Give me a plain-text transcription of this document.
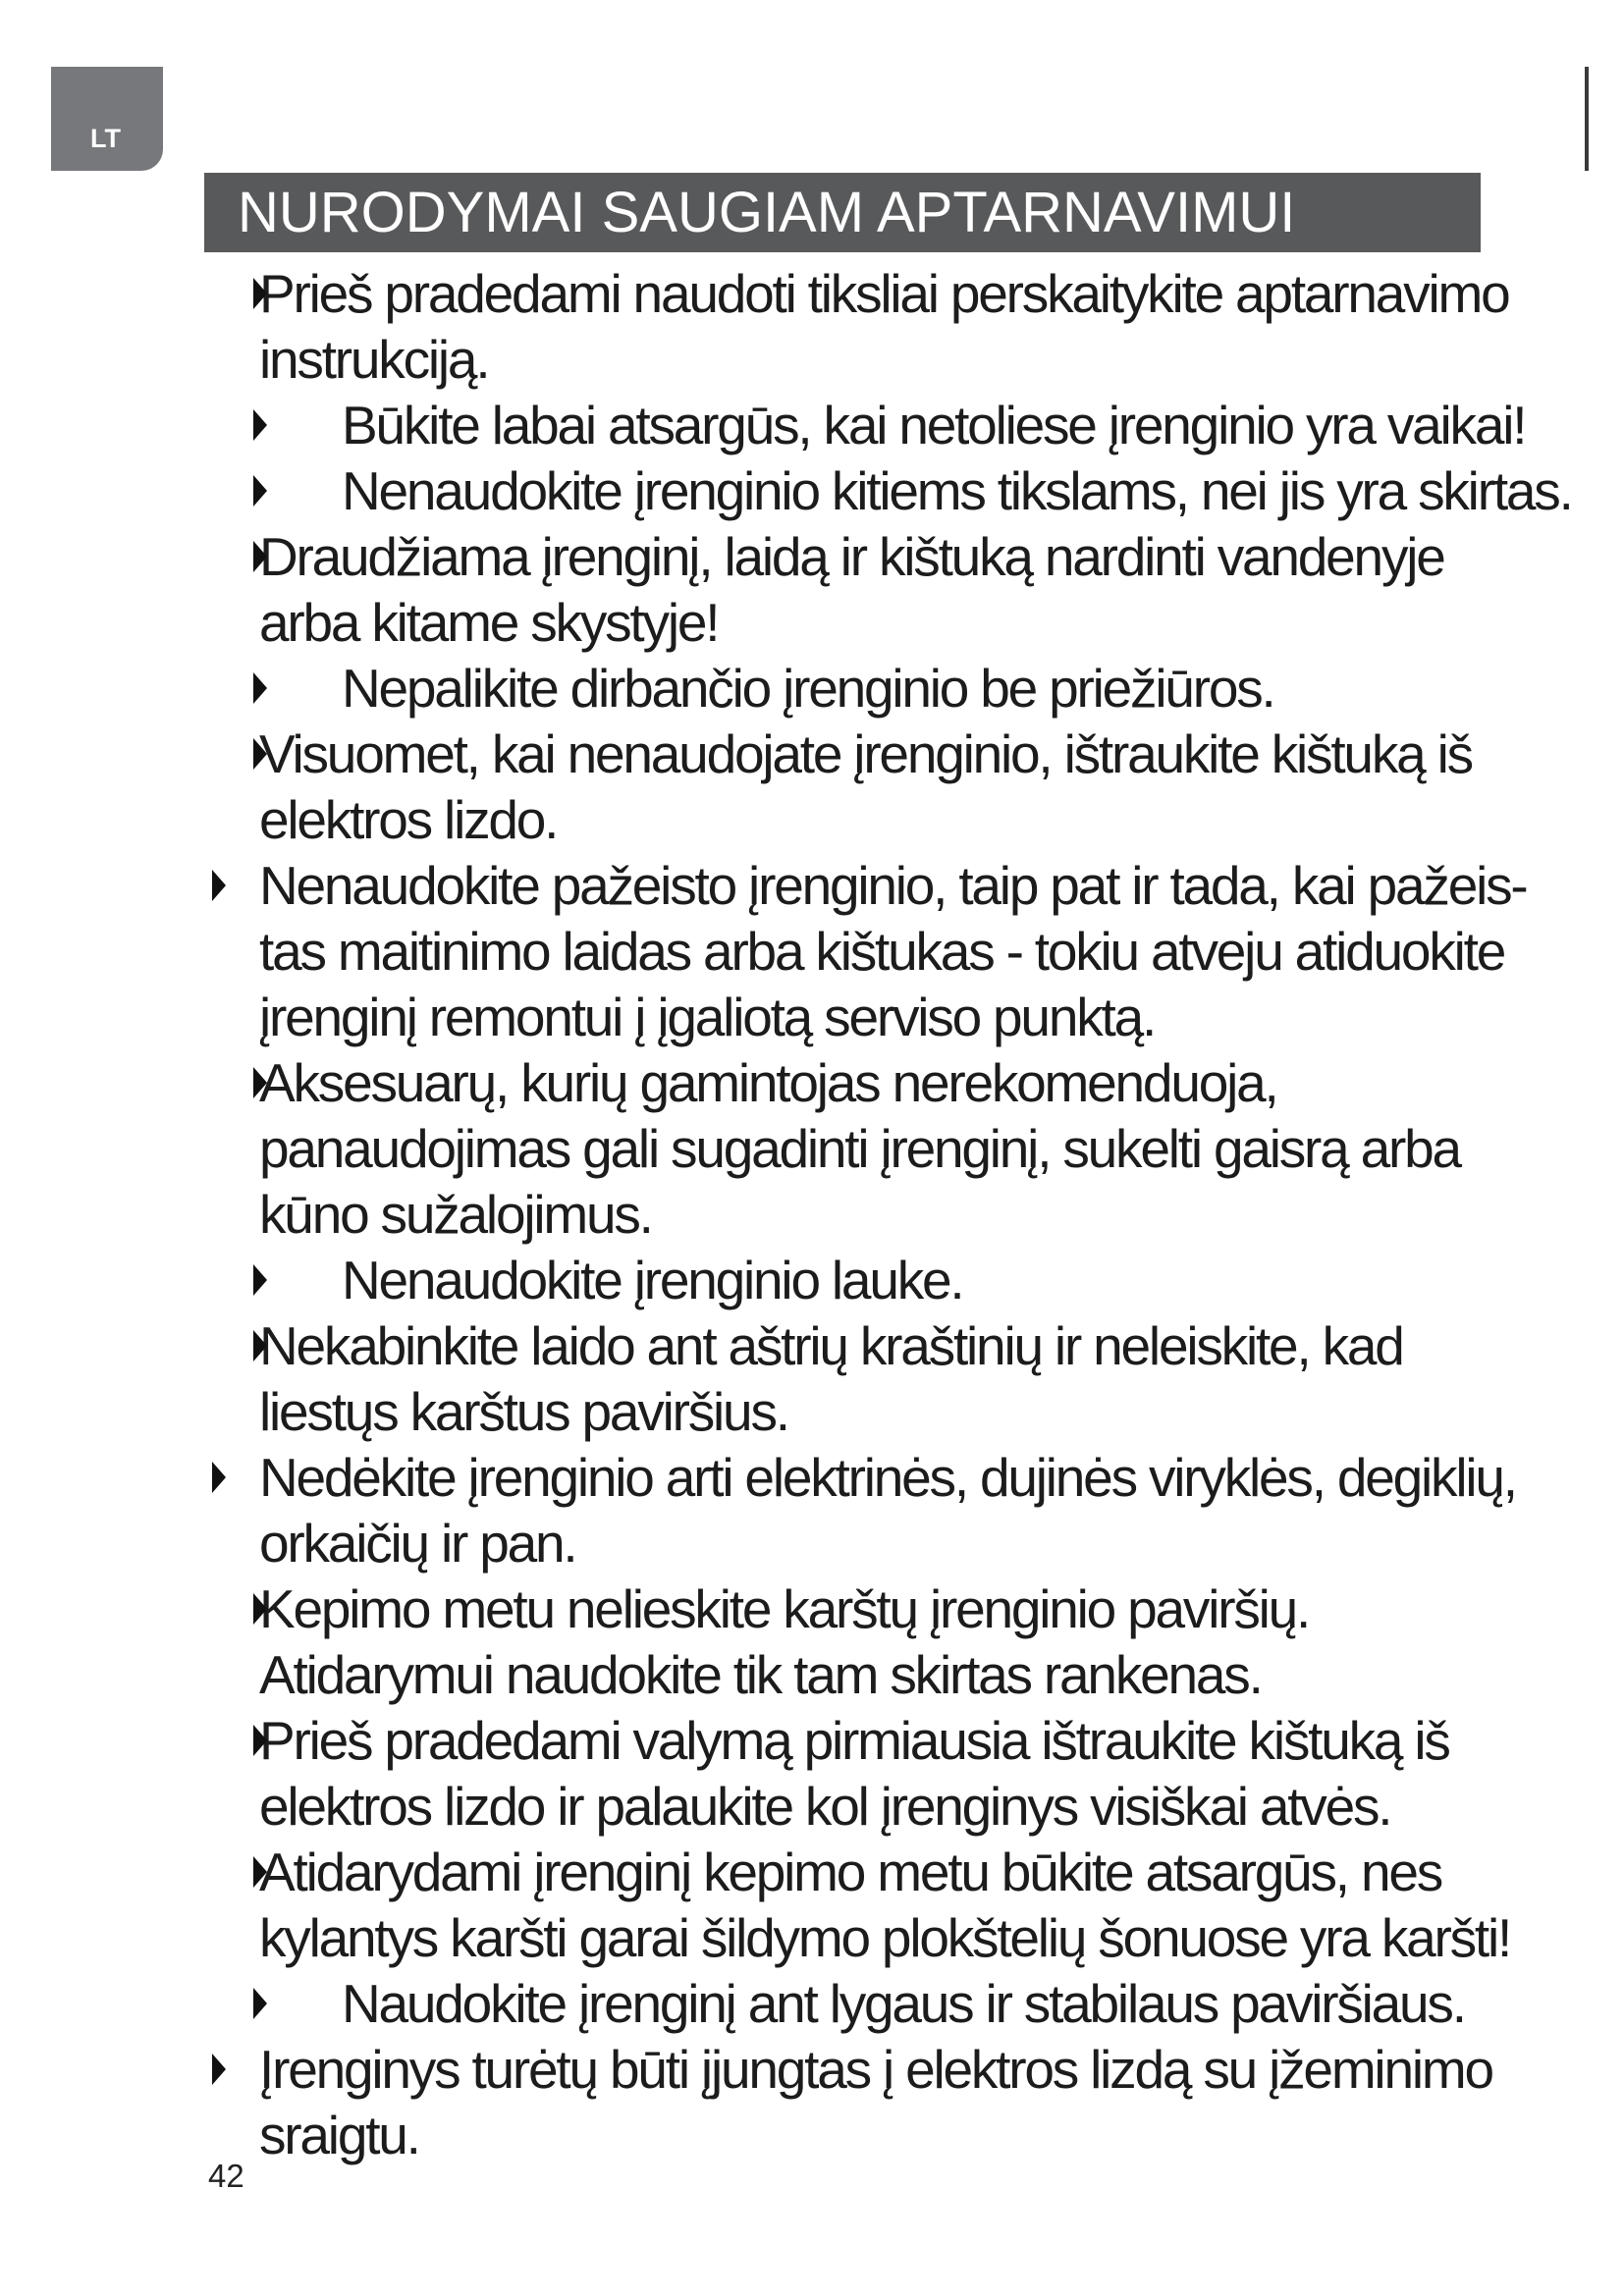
LT
NURODYMAI SAUGIAM APTARNAVIMUI
Prieš pradedami naudoti tiksliai perskaitykite aptarnavimo instrukciją.
Būkite labai atsargūs, kai netoliese įrenginio yra vaikai!
Nenaudokite įrenginio kitiems tikslams, nei jis yra skirtas.
Draudžiama įrenginį, laidą ir kištuką nardinti vandenyje arba kitame skystyje!
Nepalikite dirbančio įrenginio be priežiūros.
Visuomet, kai nenaudojate įrenginio, ištraukite kištuką iš elektros lizdo.
Nenaudokite pažeisto įrenginio, taip pat ir tada, kai pažeis-tas maitinimo laidas arba kištukas - tokiu atveju atiduokite įrenginį remontui į įgaliotą serviso punktą.
Aksesuarų, kurių gamintojas nerekomenduoja, panaudojimas gali sugadinti įrenginį, sukelti gaisrą arba kūno sužalojimus.
Nenaudokite įrenginio lauke.
Nekabinkite laido ant aštrių kraštinių ir neleiskite, kad liestųs karštus paviršius.
Nedėkite įrenginio arti elektrinės, dujinės viryklės, degiklių, orkaičių ir pan.
Kepimo metu nelieskite karštų įrenginio paviršių. Atidarymui naudokite tik tam skirtas rankenas.
Prieš pradedami valymą pirmiausia ištraukite kištuką iš elektros lizdo ir palaukite kol įrenginys visiškai atvės.
Atidarydami įrenginį kepimo metu būkite atsargūs, nes kylantys karšti garai šildymo plokštelių šonuose yra karšti!
Naudokite įrenginį ant lygaus ir stabilaus paviršiaus.
Įrenginys turėtų būti įjungtas į elektros lizdą su įžeminimo sraigtu.
42
